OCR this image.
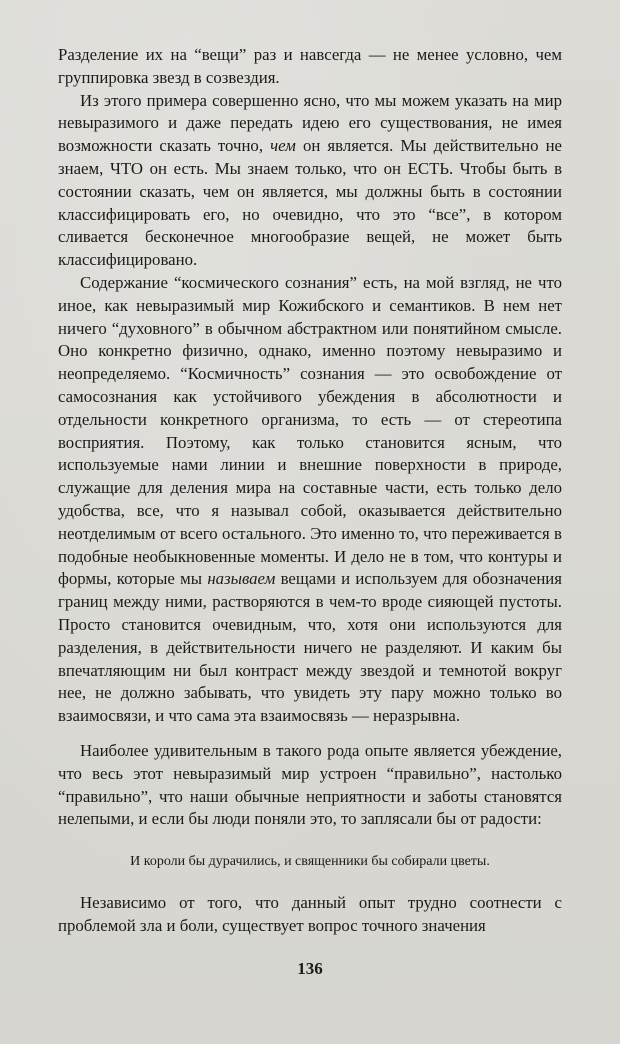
Разделение их на “вещи” раз и навсегда — не менее условно, чем группировка звезд в созвездия.

Из этого примера совершенно ясно, что мы можем указать на мир невыразимого и даже передать идею его существования, не имея возможности сказать точно, чем он является. Мы действительно не знаем, ЧТО он есть. Мы знаем только, что он ЕСТЬ. Чтобы быть в состоянии сказать, чем он является, мы должны быть в состоянии классифицировать его, но очевидно, что это “все”, в котором сливается бесконечное многообразие вещей, не может быть классифицировано.

Содержание “космического сознания” есть, на мой взгляд, не что иное, как невыразимый мир Кожибского и семантиков. В нем нет ничего “духовного” в обычном абстрактном или понятийном смысле. Оно конкретно физично, однако, именно поэтому невыразимо и неопределяемо. “Космичность” сознания — это освобождение от самосознания как устойчивого убеждения в абсолютности и отдельности конкретного организма, то есть — от стереотипа восприятия. Поэтому, как только становится ясным, что используемые нами линии и внешние поверхности в природе, служащие для деления мира на составные части, есть только дело удобства, все, что я называл собой, оказывается действительно неотделимым от всего остального. Это именно то, что переживается в подобные необыкновенные моменты. И дело не в том, что контуры и формы, которые мы называем вещами и используем для обозначения границ между ними, растворяются в чем-то вроде сияющей пустоты. Просто становится очевидным, что, хотя они используются для разделения, в действительности ничего не разделяют. И каким бы впечатляющим ни был контраст между звездой и темнотой вокруг нее, не должно забывать, что увидеть эту пару можно только во взаимосвязи, и что сама эта взаимосвязь — неразрывна.

Наиболее удивительным в такого рода опыте является убеждение, что весь этот невыразимый мир устроен “правильно”, настолько “правильно”, что наши обычные неприятности и заботы становятся нелепыми, и если бы люди поняли это, то заплясали бы от радости:

И короли бы дурачились, и священники бы собирали цветы.

Независимо от того, что данный опыт трудно соотнести с проблемой зла и боли, существует вопрос точного значения

136
